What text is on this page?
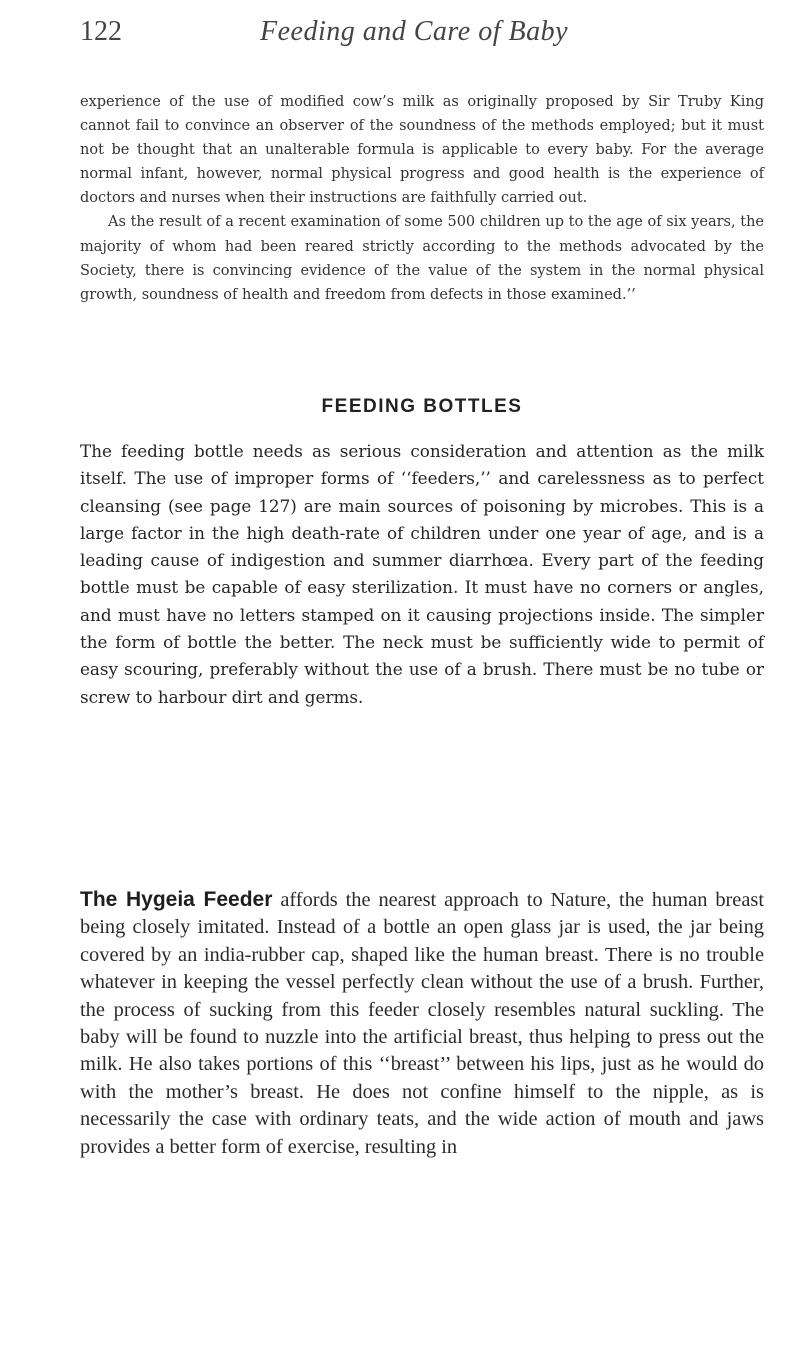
122	Feeding and Care of Baby

experience of the use of modified cow’s milk as originally proposed by Sir Truby King cannot fail to convince an observer of the soundness of the methods employed; but it must not be thought that an unalterable formula is applicable to every baby. For the average normal infant, however, normal physical progress and good health is the experience of doctors and nurses when their instructions are faithfully carried out.

As the result of a recent examination of some 500 children up to the age of six years, the majority of whom had been reared strictly according to the methods advocated by the Society, there is convincing evidence of the value of the system in the normal physical growth, soundness of health and freedom from defects in those examined.’’

FEEDING BOTTLES

The feeding bottle needs as serious consideration and attention as the milk itself. The use of improper forms of ‘‘feeders,’’ and carelessness as to perfect cleansing (see page 127) are main sources of poisoning by microbes. This is a large factor in the high death-rate of children under one year of age, and is a leading cause of indigestion and summer diarrhœa. Every part of the feeding bottle must be capable of easy sterilization. It must have no corners or angles, and must have no letters stamped on it causing projections inside. The simpler the form of bottle the better. The neck must be sufficiently wide to permit of easy scouring, preferably without the use of a brush. There must be no tube or screw to harbour dirt and germs.

The Hygeia Feeder affords the nearest approach to Nature, the human breast being closely imitated. Instead of a bottle an open glass jar is used, the jar being covered by an india-rubber cap, shaped like the human breast. There is no trouble whatever in keeping the vessel perfectly clean without the use of a brush. Further, the process of sucking from this feeder closely resembles natural suckling. The baby will be found to nuzzle into the artificial breast, thus helping to press out the milk. He also takes portions of this ‘‘breast’’ between his lips, just as he would do with the mother’s breast. He does not confine himself to the nipple, as is necessarily the case with ordinary teats, and the wide action of mouth and jaws provides a better form of exercise, resulting in
